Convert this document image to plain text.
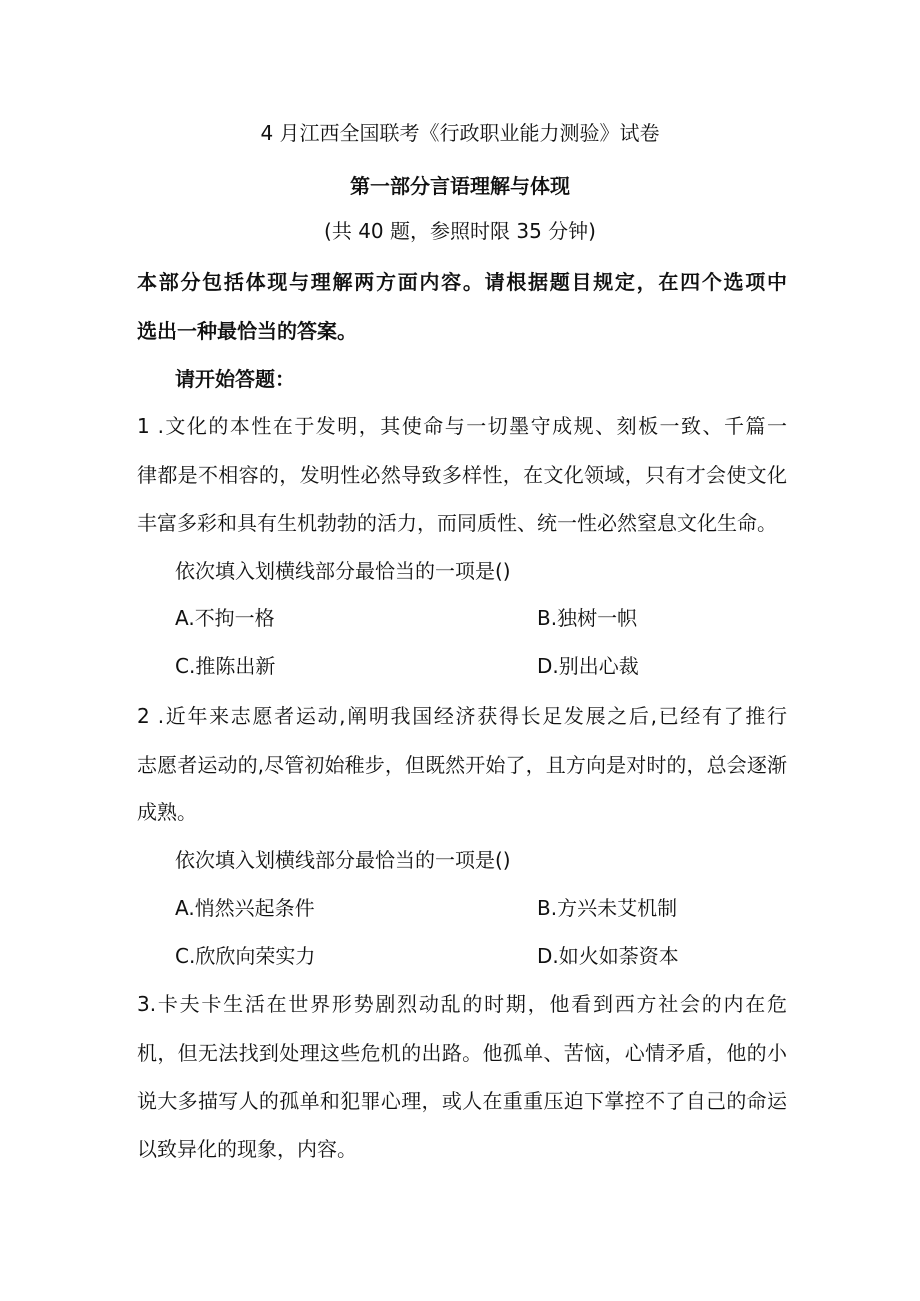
4 月江西全国联考《行政职业能力测验》试卷
第一部分言语理解与体现
(共 40 题，参照时限 35 分钟)
本部分包括体现与理解两方面内容。请根据题目规定，在四个选项中
选出一种最恰当的答案。
请开始答题：
1 .文化的本性在于发明，其使命与一切墨守成规、刻板一致、千篇一
律都是不相容的，发明性必然导致多样性，在文化领域，只有才会使文化
丰富多彩和具有生机勃勃的活力，而同质性、统一性必然窒息文化生命。
依次填入划横线部分最恰当的一项是()
A.不拘一格	B.独树一帜
C.推陈出新	D.别出心裁
2 .近年来志愿者运动,阐明我国经济获得长足发展之后,已经有了推行
志愿者运动的,尽管初始稚步，但既然开始了，且方向是对时的，总会逐渐
成熟。
依次填入划横线部分最恰当的一项是()
A.悄然兴起条件	B.方兴未艾机制
C.欣欣向荣实力	D.如火如荼资本
3.卡夫卡生活在世界形势剧烈动乱的时期，他看到西方社会的内在危
机，但无法找到处理这些危机的出路。他孤单、苦恼，心情矛盾，他的小
说大多描写人的孤单和犯罪心理，或人在重重压迫下掌控不了自己的命运
以致异化的现象，内容。
